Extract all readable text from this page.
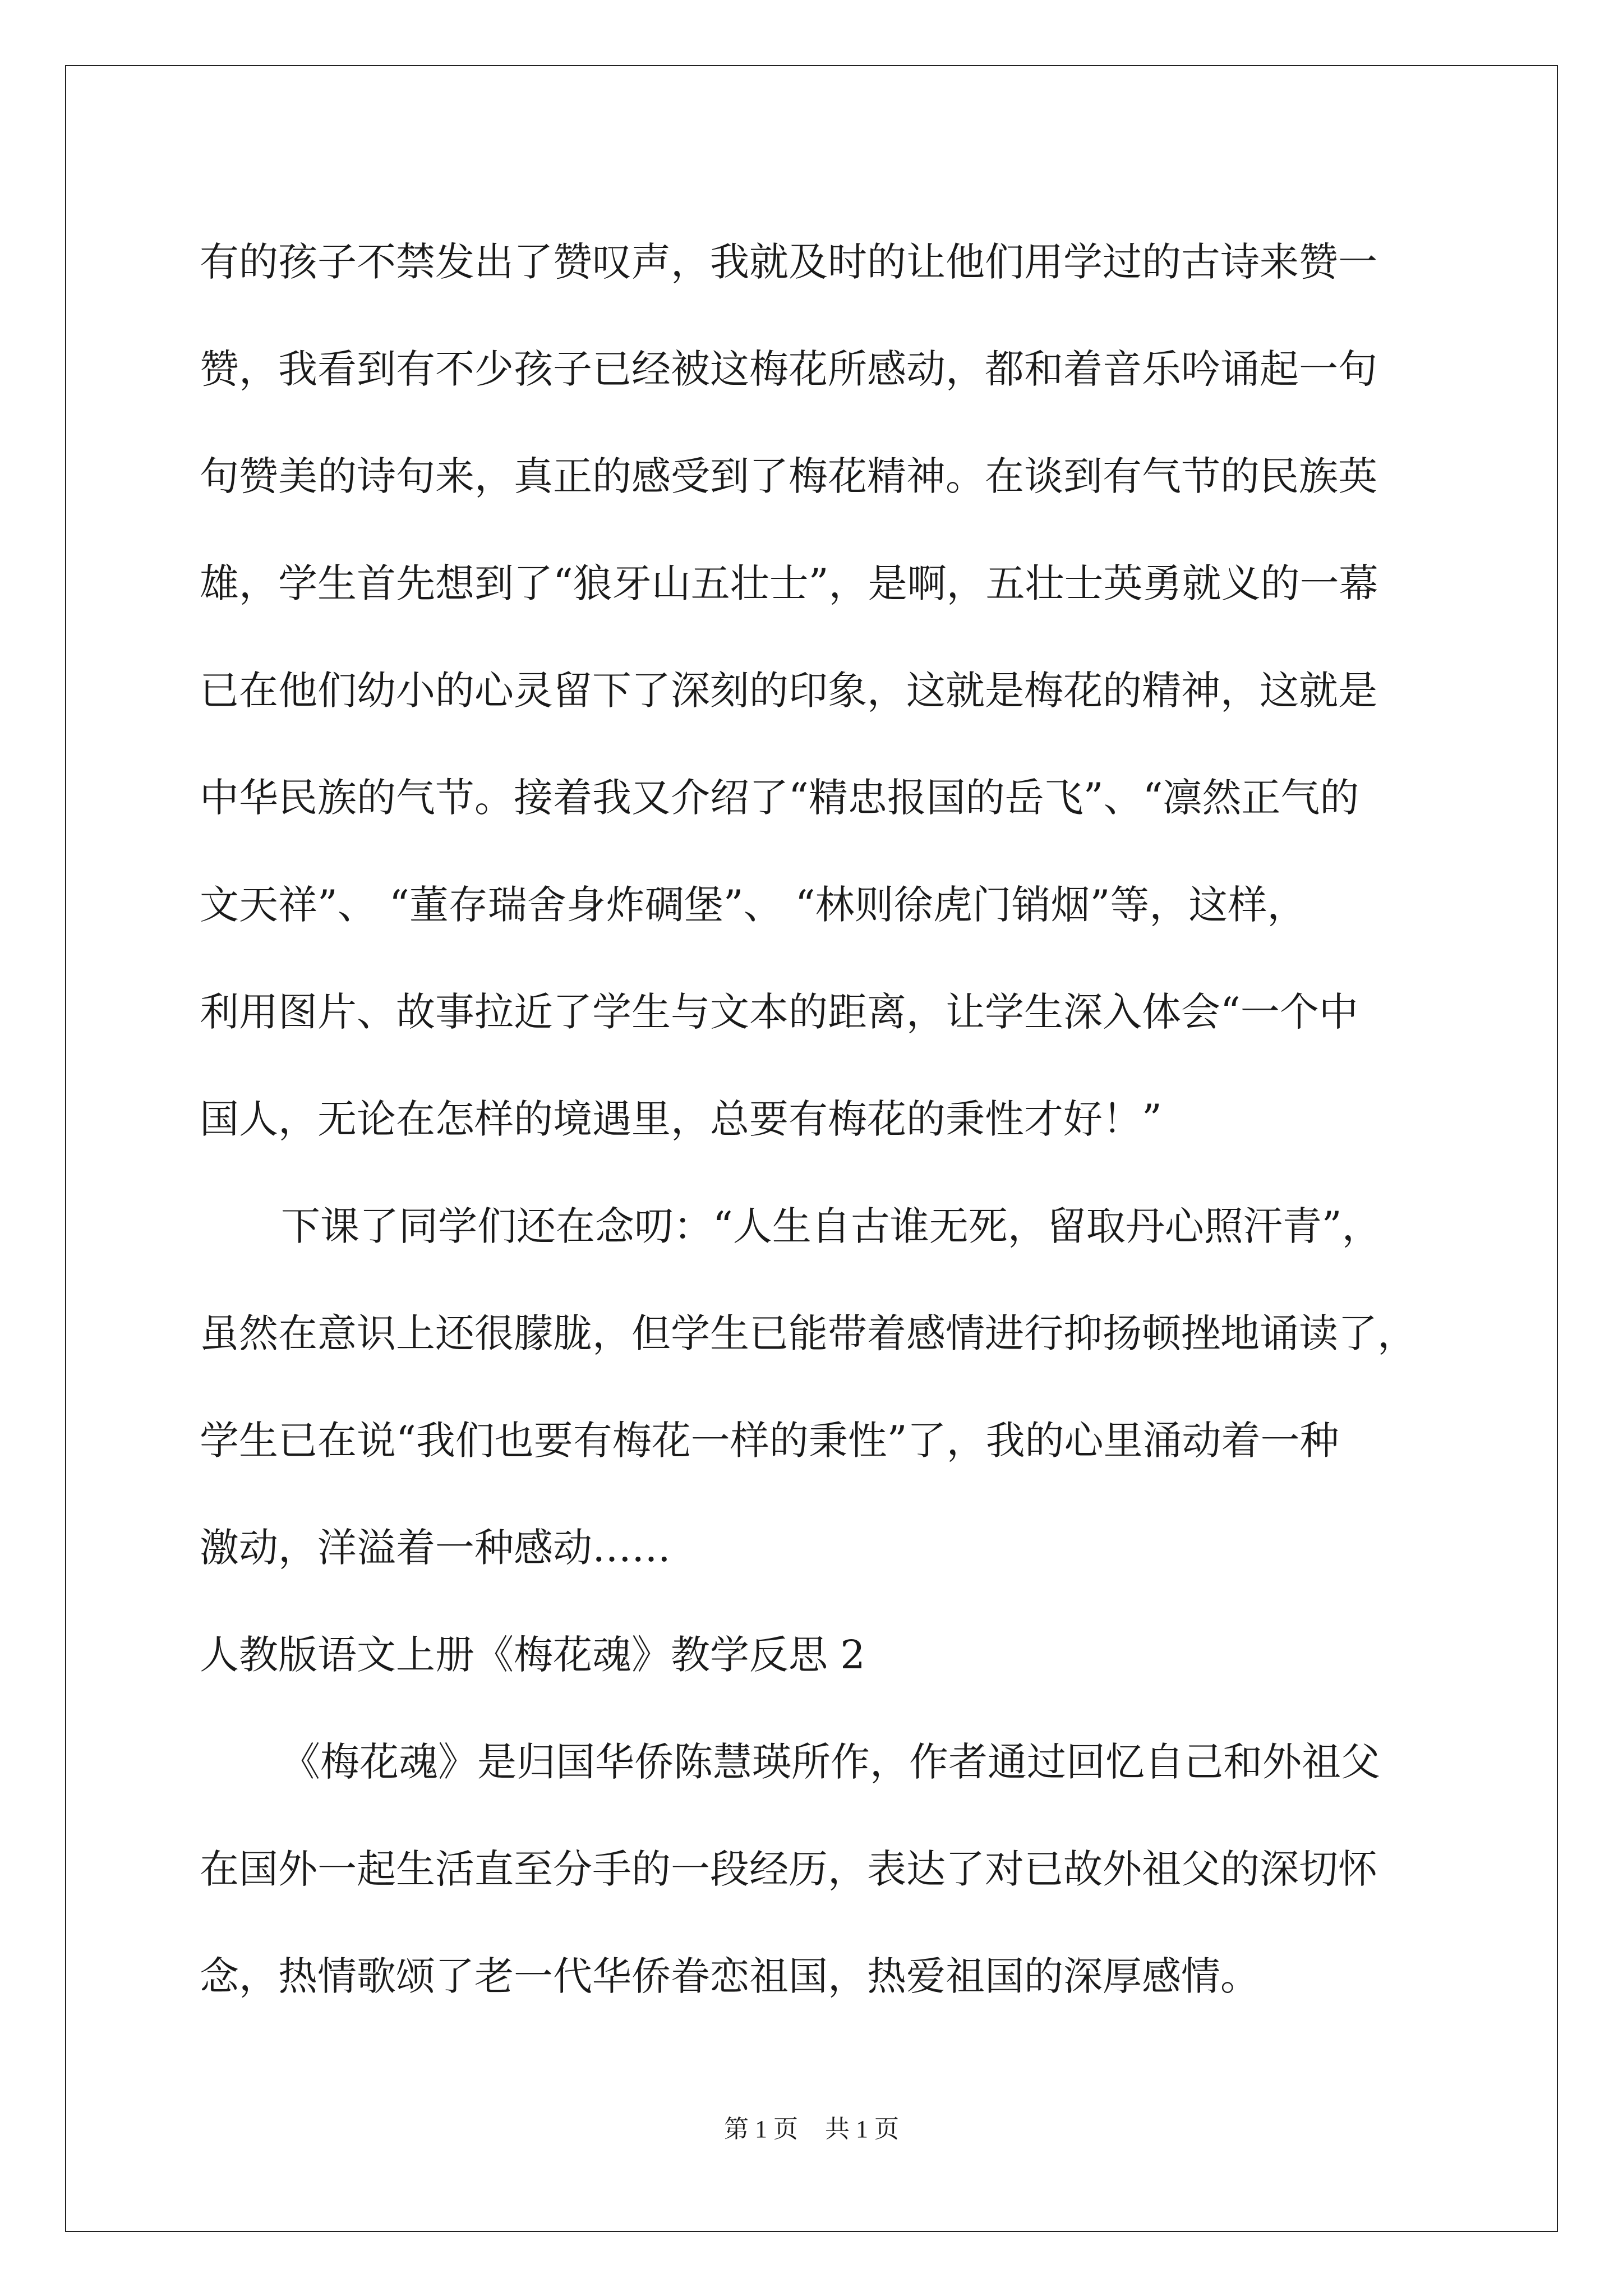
有的孩子不禁发出了赞叹声，我就及时的让他们用学过的古诗来赞一
赞，我看到有不少孩子已经被这梅花所感动，都和着音乐吟诵起一句
句赞美的诗句来，真正的感受到了梅花精神。在谈到有气节的民族英
雄，学生首先想到了“狼牙山五壮士”，是啊，五壮士英勇就义的一幕
已在他们幼小的心灵留下了深刻的印象，这就是梅花的精神，这就是
中华民族的气节。接着我又介绍了“精忠报国的岳飞”、“凛然正气的
文天祥”、 “董存瑞舍身炸碉堡”、 “林则徐虎门销烟”等，这样，
利用图片、故事拉近了学生与文本的距离，让学生深入体会“一个中
国人，无论在怎样的境遇里，总要有梅花的秉性才好！”
下课了同学们还在念叨：“人生自古谁无死，留取丹心照汗青”，
虽然在意识上还很朦胧，但学生已能带着感情进行抑扬顿挫地诵读了，
学生已在说“我们也要有梅花一样的秉性”了，我的心里涌动着一种
激动，洋溢着一种感动……
人教版语文上册《梅花魂》教学反思 2
《梅花魂》是归国华侨陈慧瑛所作，作者通过回忆自己和外祖父
在国外一起生活直至分手的一段经历，表达了对已故外祖父的深切怀
念，热情歌颂了老一代华侨眷恋祖国，热爱祖国的深厚感情。
第 1 页 共 1 页
